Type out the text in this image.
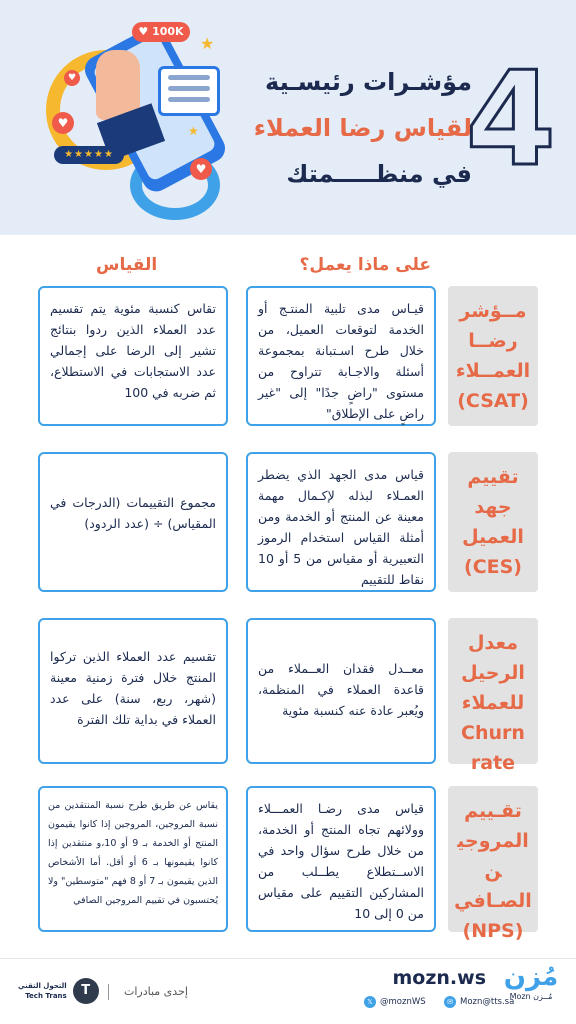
♥ 100K
★★★★★
♥
♥
♥
★
★ 4
مؤشـرات رئيسـية
لقياس رضا العملاء
في منظـــــمتك
على ماذا يعمل؟
القياس
مــؤشر رضــا العمــلاء (CSAT)
قيـاس مدى تلبية المنتـج أو الخدمة لتوقعات العميل، من خلال طرح اسـتبانة بمجموعة أسئلة والاجـابة تتراوح من مستوى "راضٍ جدًا" إلى "غير راضٍ على الإطلاق"
تقاس كنسبة مئوية يتم تقسيم عدد العملاء الذين ردوا بنتائج تشير إلى الرضا على إجمالي عدد الاستجابات في الاستطلاع، ثم ضربه في 100
تقييم جهد العميل (CES)
قياس مدى الجهد الذي يضطر العمـلاء لبذله لإكـمال مهمة معينة عن المنتج أو الخدمة ومن أمثلة القياس استخدام الرموز التعبيرية أو مقياس من 5 أو 10 نقاط للتقييم
مجموع التقييمات (الدرجات في المقياس) ÷ (عدد الردود)
معدل الرحيل للعملاء Churn rate
معــدل فقدان العــملاء من قاعدة العملاء في المنظمة، ويُعبر عادة عنه كنسبة مئوية
تقسيم عدد العملاء الذين تركوا المنتج خلال فترة زمنية معينة (شهر، ربع، سنة) على عدد العملاء في بداية تلك الفترة
تقـييم المروجين الصـافي (NPS)
قياس مدى رضـا العمـــلاء وولائهم تجاه المنتج أو الخدمة، من خلال طرح سؤال واحد في الاســتطلاع يطــلب من المشاركين التقييم على مقياس من 0 إلى 10
يقاس عن طريق طرح نسبة المنتقدين من نسبة المروجين، المروجين إذا كانوا يقيمون المنتج أو الخدمة بـ 9 أو 10،و منتقدين إذا كانوا يقيمونها بـ 6 أو أقل. أما الأشخاص الذين يقيمون بـ 7 أو 8 فهم "متوسطين" ولا يُحتسبون في تقييم المروجين الصافي
مُزن
Mozn مُــزن
mozn.ws
𝕏 @moznWS	✉ Mozn@tts.sa
إحدى مبادرات
التحول التقني
Tech Trans	T
